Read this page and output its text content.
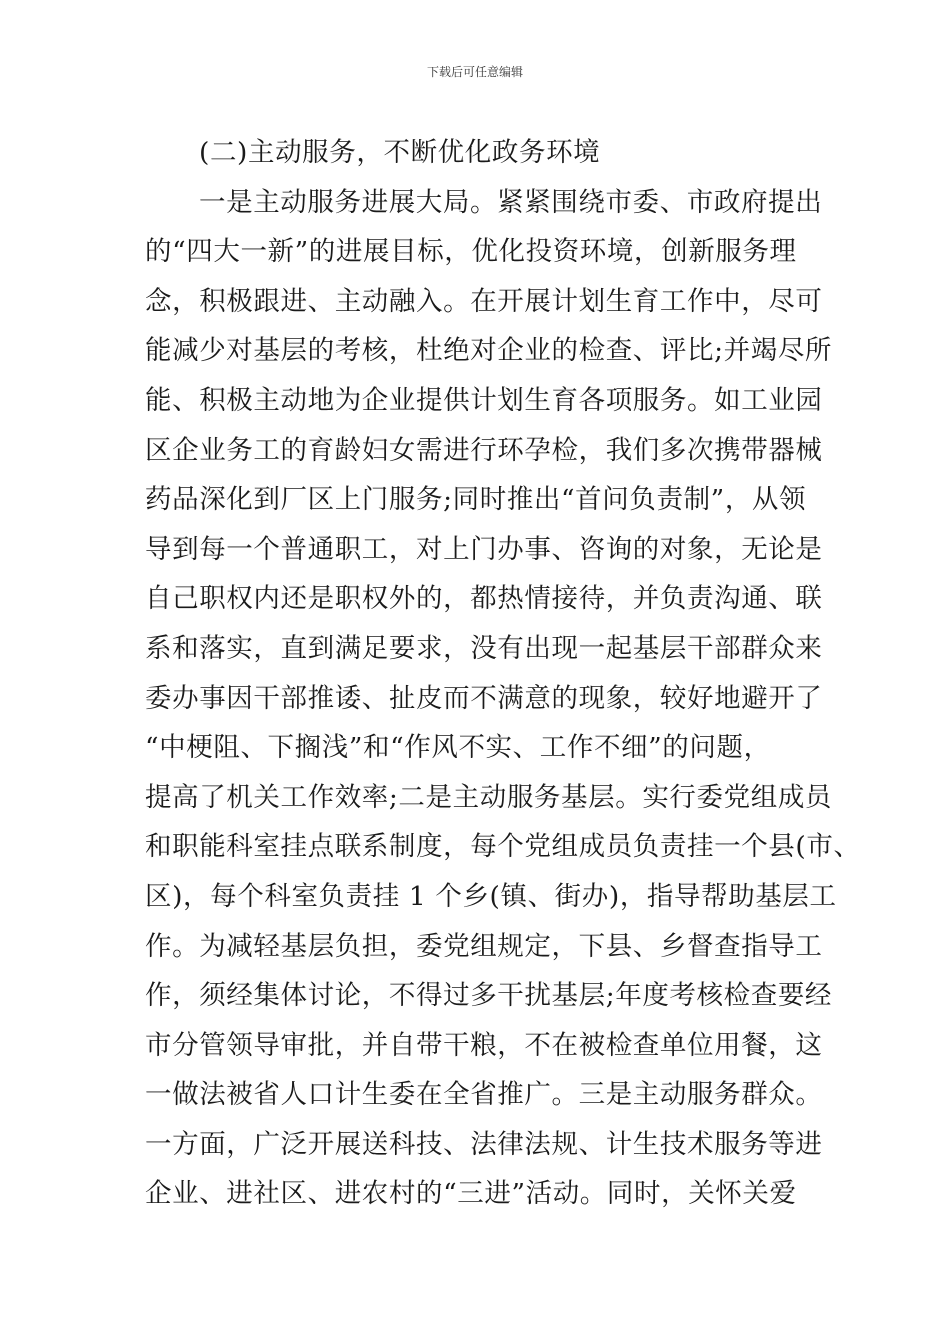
下载后可任意编辑
(二)主动服务，不断优化政务环境
一是主动服务进展大局。紧紧围绕市委、市政府提出
的“四大一新”的进展目标，优化投资环境，创新服务理
念，积极跟进、主动融入。在开展计划生育工作中，尽可
能减少对基层的考核，杜绝对企业的检查、评比;并竭尽所
能、积极主动地为企业提供计划生育各项服务。如工业园
区企业务工的育龄妇女需进行环孕检，我们多次携带器械
药品深化到厂区上门服务;同时推出“首问负责制”，从领
导到每一个普通职工，对上门办事、咨询的对象，无论是
自己职权内还是职权外的，都热情接待，并负责沟通、联
系和落实，直到满足要求，没有出现一起基层干部群众来
委办事因干部推诿、扯皮而不满意的现象，较好地避开了
“中梗阻、下搁浅”和“作风不实、工作不细”的问题，
提高了机关工作效率;二是主动服务基层。实行委党组成员
和职能科室挂点联系制度，每个党组成员负责挂一个县(市、
区)，每个科室负责挂 1 个乡(镇、街办)，指导帮助基层工
作。为减轻基层负担，委党组规定，下县、乡督查指导工
作，须经集体讨论，不得过多干扰基层;年度考核检查要经
市分管领导审批，并自带干粮，不在被检查单位用餐，这
一做法被省人口计生委在全省推广。三是主动服务群众。
一方面，广泛开展送科技、法律法规、计生技术服务等进
企业、进社区、进农村的“三进”活动。同时，关怀关爱
